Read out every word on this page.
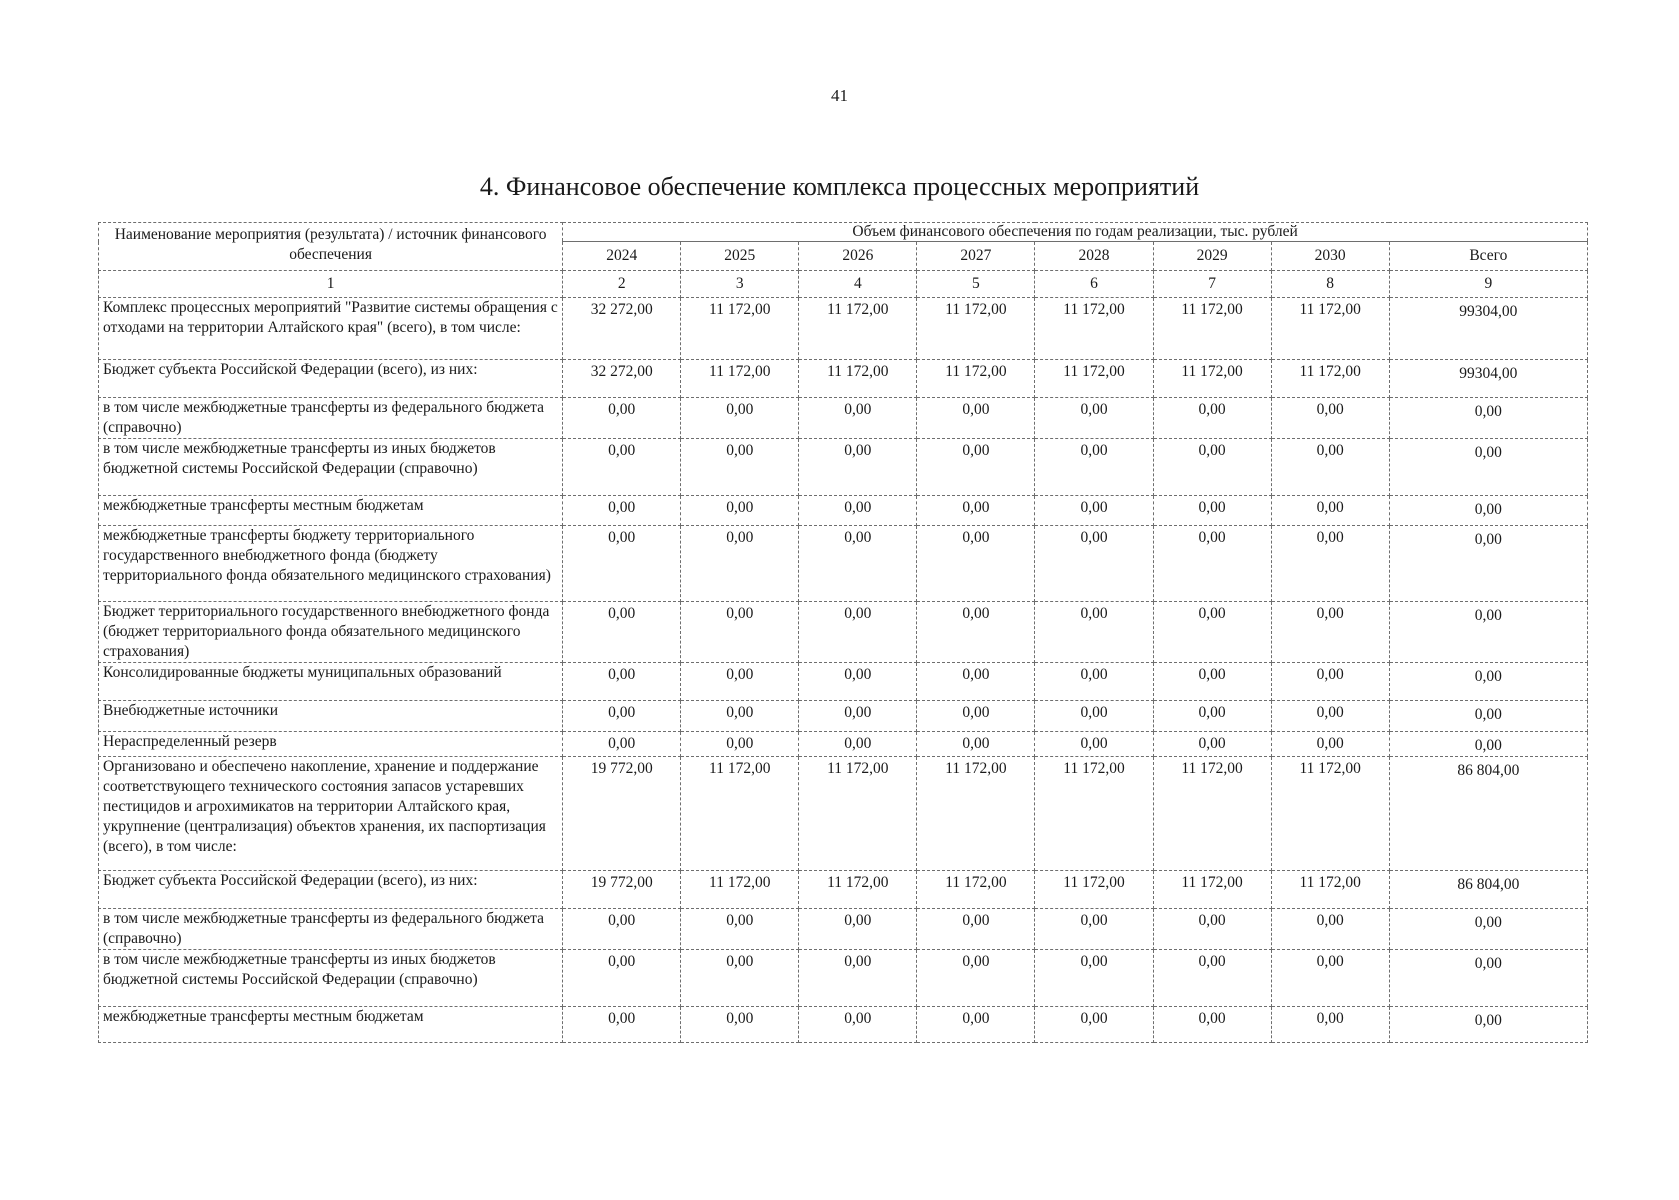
41
4. Финансовое обеспечение комплекса процессных мероприятий
Наименование мероприятия (результата) / источник финансового обеспечения	Объем финансового обеспечения по годам реализации, тыс. рублей							
	2024	2025	2026	2027	2028	2029	2030	Всего
1	2	3	4	5	6	7	8	9
Комплекс процессных мероприятий "Развитие системы обращения с отходами на территории Алтайского края" (всего), в том числе:	32 272,00	11 172,00	11 172,00	11 172,00	11 172,00	11 172,00	11 172,00	99304,00
Бюджет субъекта Российской Федерации (всего), из них:	32 272,00	11 172,00	11 172,00	11 172,00	11 172,00	11 172,00	11 172,00	99304,00
в том числе межбюджетные трансферты из федерального бюджета (справочно)	0,00	0,00	0,00	0,00	0,00	0,00	0,00	0,00
в том числе межбюджетные трансферты из иных бюджетов бюджетной системы Российской Федерации (справочно)	0,00	0,00	0,00	0,00	0,00	0,00	0,00	0,00
межбюджетные трансферты местным бюджетам	0,00	0,00	0,00	0,00	0,00	0,00	0,00	0,00
межбюджетные трансферты бюджету территориального государственного внебюджетного фонда (бюджету территориального фонда обязательного медицинского страхования)	0,00	0,00	0,00	0,00	0,00	0,00	0,00	0,00
Бюджет территориального государственного внебюджетного фонда (бюджет территориального фонда обязательного медицинского страхования)	0,00	0,00	0,00	0,00	0,00	0,00	0,00	0,00
Консолидированные бюджеты муниципальных образований	0,00	0,00	0,00	0,00	0,00	0,00	0,00	0,00
Внебюджетные источники	0,00	0,00	0,00	0,00	0,00	0,00	0,00	0,00
Нераспределенный резерв	0,00	0,00	0,00	0,00	0,00	0,00	0,00	0,00
Организовано и обеспечено накопление, хранение и поддержание соответствующего технического состояния запасов устаревших пестицидов и агрохимикатов на территории Алтайского края, укрупнение (централизация) объектов хранения, их паспортизация (всего), в том числе:	19 772,00	11 172,00	11 172,00	11 172,00	11 172,00	11 172,00	11 172,00	86 804,00
Бюджет субъекта Российской Федерации (всего), из них:	19 772,00	11 172,00	11 172,00	11 172,00	11 172,00	11 172,00	11 172,00	86 804,00
в том числе межбюджетные трансферты из федерального бюджета (справочно)	0,00	0,00	0,00	0,00	0,00	0,00	0,00	0,00
в том числе межбюджетные трансферты из иных бюджетов бюджетной системы Российской Федерации (справочно)	0,00	0,00	0,00	0,00	0,00	0,00	0,00	0,00
межбюджетные трансферты местным бюджетам	0,00	0,00	0,00	0,00	0,00	0,00	0,00	0,00
